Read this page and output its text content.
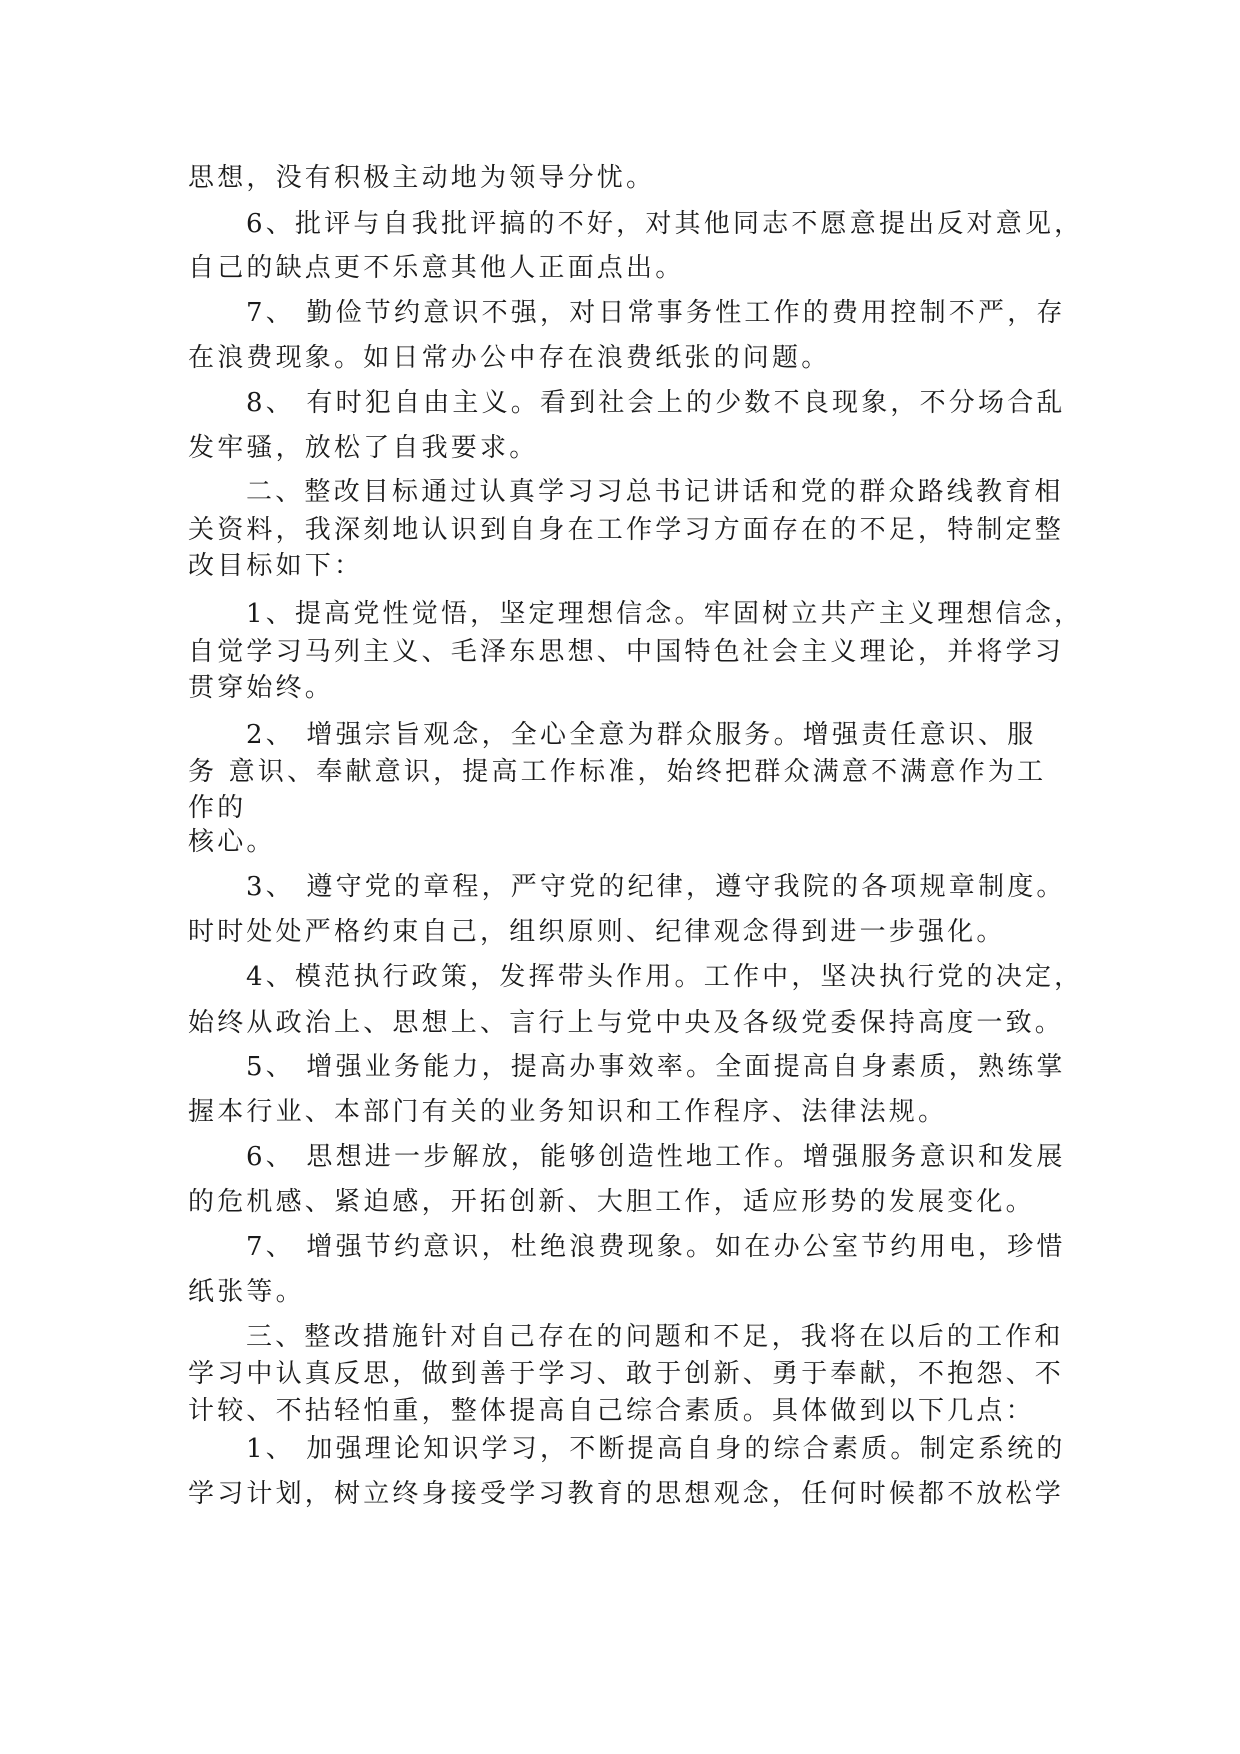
思想，没有积极主动地为领导分忧。
6、批评与自我批评搞的不好，对其他同志不愿意提出反对意见，
自己的缺点更不乐意其他人正面点出。
7、 勤俭节约意识不强，对日常事务性工作的费用控制不严，存
在浪费现象。如日常办公中存在浪费纸张的问题。
8、 有时犯自由主义。看到社会上的少数不良现象，不分场合乱
发牢骚，放松了自我要求。
二、整改目标通过认真学习习总书记讲话和党的群众路线教育相
关资料，我深刻地认识到自身在工作学习方面存在的不足，特制定整
改目标如下：
1、提高党性觉悟，坚定理想信念。牢固树立共产主义理想信念，
自觉学习马列主义、毛泽东思想、中国特色社会主义理论，并将学习
贯穿始终。
2、 增强宗旨观念，全心全意为群众服务。增强责任意识、服
务 意识、奉献意识，提高工作标准，始终把群众满意不满意作为工
作的
核心。
3、 遵守党的章程，严守党的纪律，遵守我院的各项规章制度。
时时处处严格约束自己，组织原则、纪律观念得到进一步强化。
4、模范执行政策，发挥带头作用。工作中，坚决执行党的决定，
始终从政治上、思想上、言行上与党中央及各级党委保持高度一致。
5、 增强业务能力，提高办事效率。全面提高自身素质，熟练掌
握本行业、本部门有关的业务知识和工作程序、法律法规。
6、 思想进一步解放，能够创造性地工作。增强服务意识和发展
的危机感、紧迫感，开拓创新、大胆工作，适应形势的发展变化。
7、 增强节约意识，杜绝浪费现象。如在办公室节约用电，珍惜
纸张等。
三、整改措施针对自己存在的问题和不足，我将在以后的工作和
学习中认真反思，做到善于学习、敢于创新、勇于奉献，不抱怨、不
计较、不拈轻怕重，整体提高自己综合素质。具体做到以下几点：
1、 加强理论知识学习，不断提高自身的综合素质。制定系统的
学习计划，树立终身接受学习教育的思想观念，任何时候都不放松学
